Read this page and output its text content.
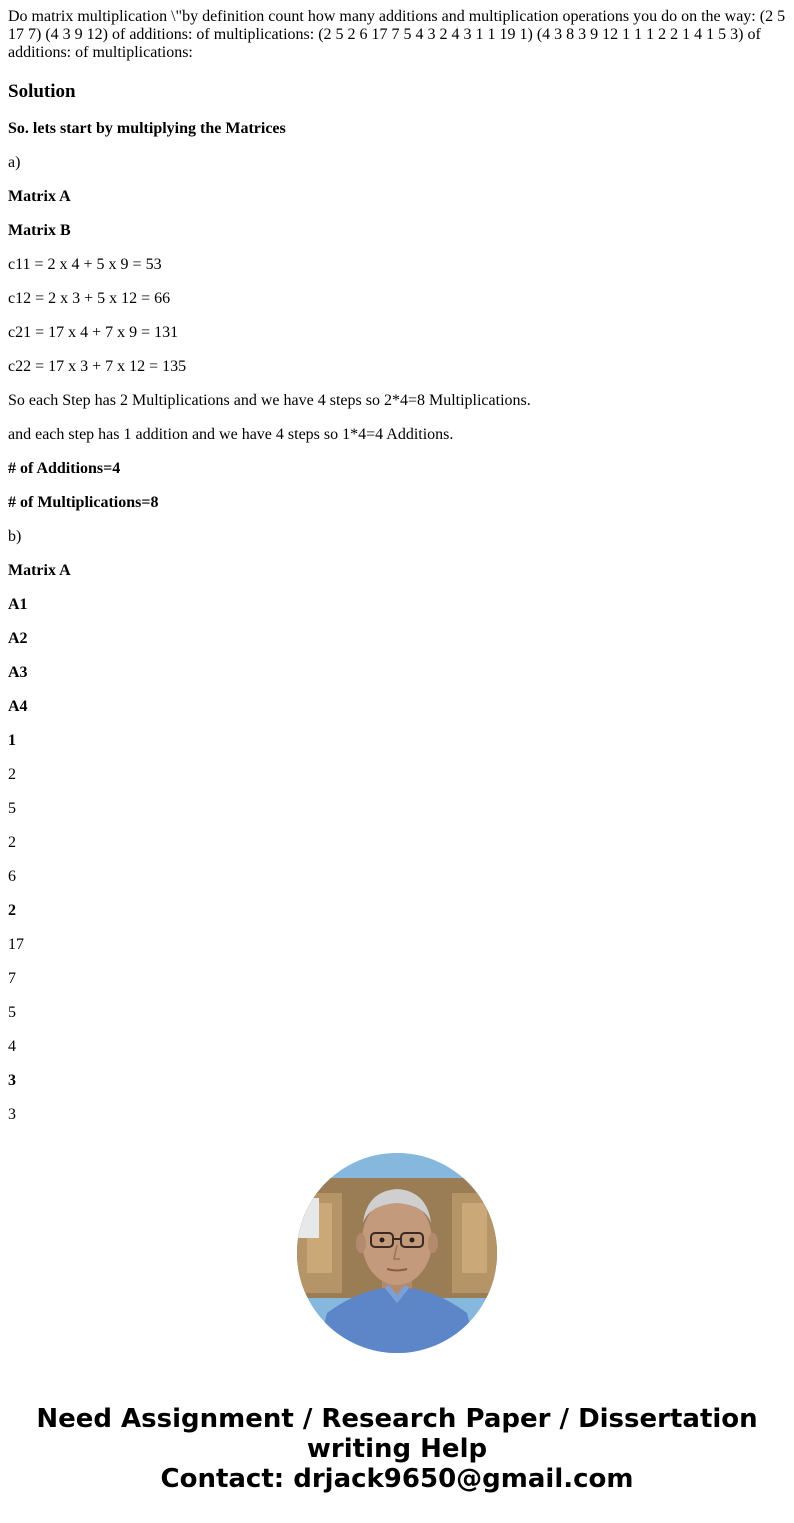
Do matrix multiplication \"by definition count how many additions and multiplication operations you do on the way: (2 5 17 7) (4 3 9 12) of additions: of multiplications: (2 5 2 6 17 7 5 4 3 2 4 3 1 1 19 1) (4 3 8 3 9 12 1 1 1 2 2 1 4 1 5 3) of additions: of multiplications:

Solution

So. lets start by multiplying the Matrices

a)

Matrix A

Matrix B

c11 = 2 x 4 + 5 x 9 = 53

c12 = 2 x 3 + 5 x 12 = 66

c21 = 17 x 4 + 7 x 9 = 131

c22 = 17 x 3 + 7 x 12 = 135

So each Step has 2 Multiplications and we have 4 steps so 2*4=8 Multiplications.

and each step has 1 addition and we have 4 steps so 1*4=4 Additions.

# of Additions=4

# of Multiplications=8

b)

Matrix A

A1

A2

A3

A4

1

2

5

2

6

2

17

7

5

4

3

3

Need Assignment / Research Paper / Dissertation
writing Help
Contact: drjack9650@gmail.com
